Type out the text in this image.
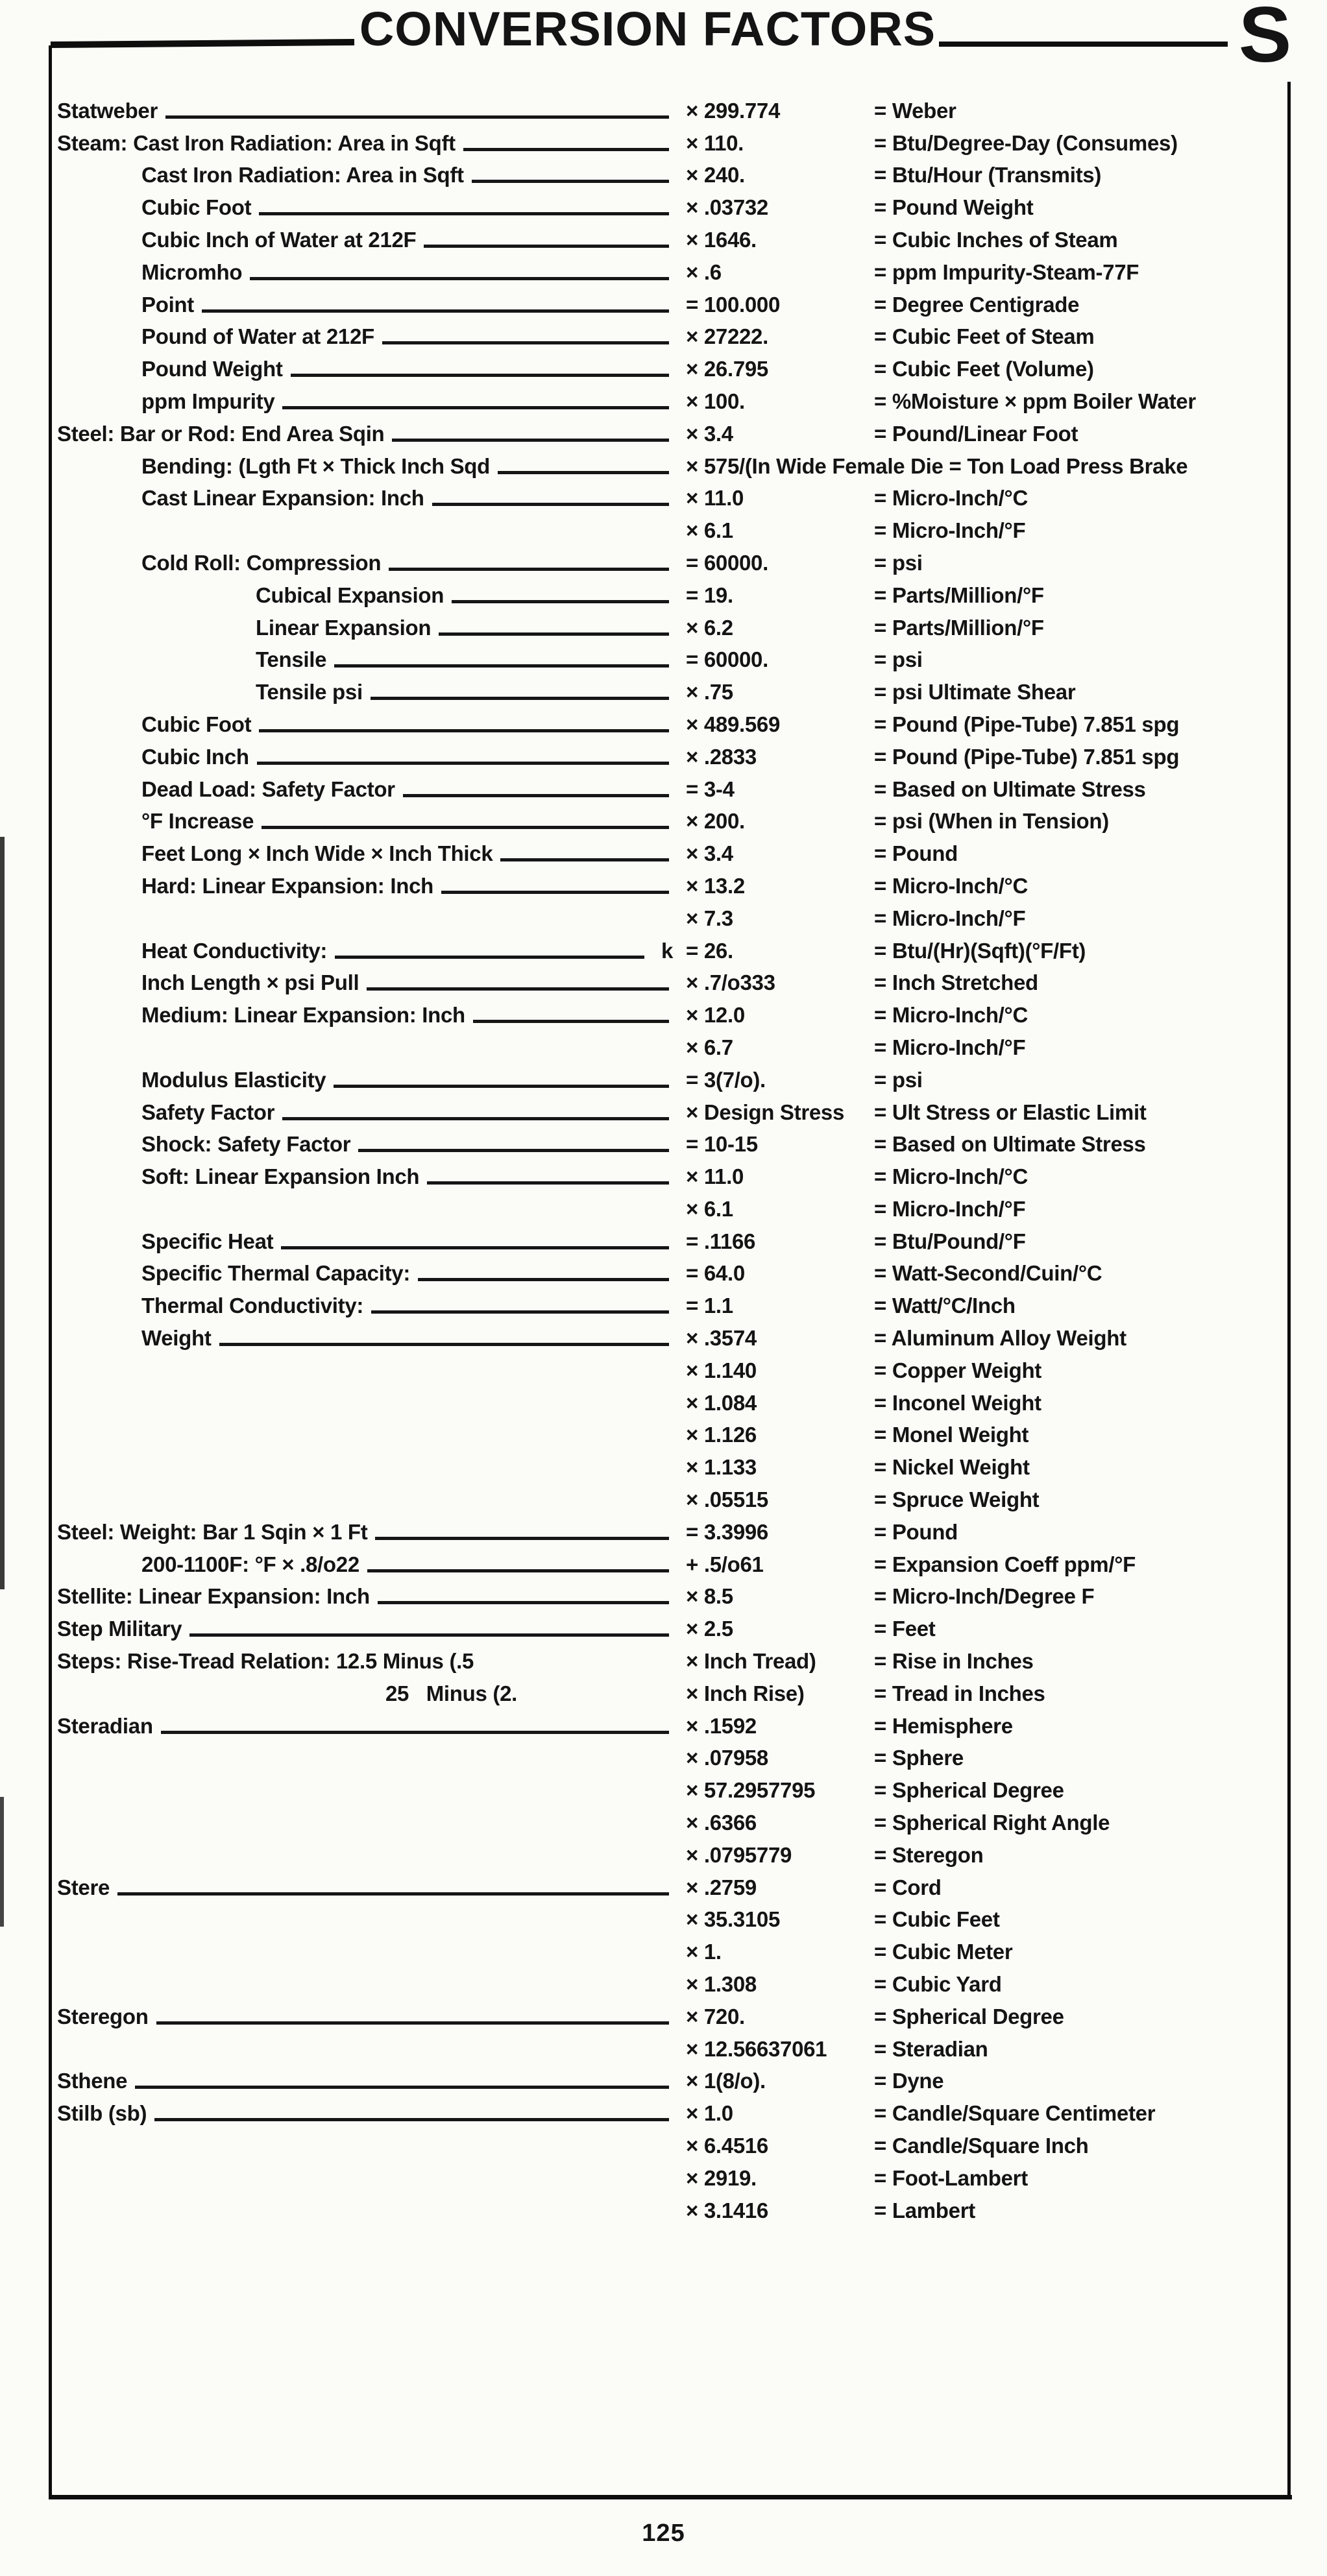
CONVERSION FACTORS	S
Statweber	× 299.774	= Weber
Steam: Cast Iron Radiation: Area in Sqft	× 110.	= Btu/Degree-Day (Consumes)
Cast Iron Radiation: Area in Sqft	× 240.	= Btu/Hour (Transmits)
Cubic Foot	× .03732	= Pound Weight
Cubic Inch of Water at 212F	× 1646.	= Cubic Inches of Steam
Micromho	× .6	= ppm Impurity-Steam-77F
Point	= 100.000	= Degree Centigrade
Pound of Water at 212F	× 27222.	= Cubic Feet of Steam
Pound Weight	× 26.795	= Cubic Feet (Volume)
ppm Impurity	× 100.	= %Moisture × ppm Boiler Water
Steel: Bar or Rod: End Area Sqin	× 3.4	= Pound/Linear Foot
Bending: (Lgth Ft × Thick Inch Sqd	× 575/(In Wide Female Die = Ton Load Press Brake
Cast Linear Expansion: Inch	× 11.0	= Micro-Inch/°C
× 6.1	= Micro-Inch/°F
Cold Roll: Compression	= 60000.	= psi
Cubical Expansion	= 19.	= Parts/Million/°F
Linear Expansion	× 6.2	= Parts/Million/°F
Tensile	= 60000.	= psi
Tensile psi	× .75	= psi Ultimate Shear
Cubic Foot	× 489.569	= Pound (Pipe-Tube) 7.851 spg
Cubic Inch	× .2833	= Pound (Pipe-Tube) 7.851 spg
Dead Load: Safety Factor	= 3-4	= Based on Ultimate Stress
°F Increase	× 200.	= psi (When in Tension)
Feet Long × Inch Wide × Inch Thick	× 3.4	= Pound
Hard: Linear Expansion: Inch	× 13.2	= Micro-Inch/°C
× 7.3	= Micro-Inch/°F
Heat Conductivity:	k = 26.	= Btu/(Hr)(Sqft)(°F/Ft)
Inch Length × psi Pull	× .7/o333	= Inch Stretched
Medium: Linear Expansion: Inch	× 12.0	= Micro-Inch/°C
× 6.7	= Micro-Inch/°F
Modulus Elasticity	= 3(7/o).	= psi
Safety Factor	× Design Stress	= Ult Stress or Elastic Limit
Shock: Safety Factor	= 10-15	= Based on Ultimate Stress
Soft: Linear Expansion Inch	× 11.0	= Micro-Inch/°C
× 6.1	= Micro-Inch/°F
Specific Heat	= .1166	= Btu/Pound/°F
Specific Thermal Capacity:	= 64.0	= Watt-Second/Cuin/°C
Thermal Conductivity:	= 1.1	= Watt/°C/Inch
Weight	× .3574	= Aluminum Alloy Weight
× 1.140	= Copper Weight
× 1.084	= Inconel Weight
× 1.126	= Monel Weight
× 1.133	= Nickel Weight
× .05515	= Spruce Weight
Steel: Weight: Bar 1 Sqin × 1 Ft	= 3.3996	= Pound
200-1100F: °F × .8/o22	+ .5/o61	= Expansion Coeff ppm/°F
Stellite: Linear Expansion: Inch	× 8.5	= Micro-Inch/Degree F
Step Military	× 2.5	= Feet
Steps: Rise-Tread Relation: 12.5 Minus (.5	× Inch Tread)	= Rise in Inches
25   Minus (2.	× Inch Rise)	= Tread in Inches
Steradian	× .1592	= Hemisphere
× .07958	= Sphere
× 57.2957795	= Spherical Degree
× .6366	= Spherical Right Angle
× .0795779	= Steregon
Stere	× .2759	= Cord
× 35.3105	= Cubic Feet
× 1.	= Cubic Meter
× 1.308	= Cubic Yard
Steregon	× 720.	= Spherical Degree
× 12.56637061	= Steradian
Sthene	× 1(8/o).	= Dyne
Stilb (sb)	× 1.0	= Candle/Square Centimeter
× 6.4516	= Candle/Square Inch
× 2919.	= Foot-Lambert
× 3.1416	= Lambert
125
